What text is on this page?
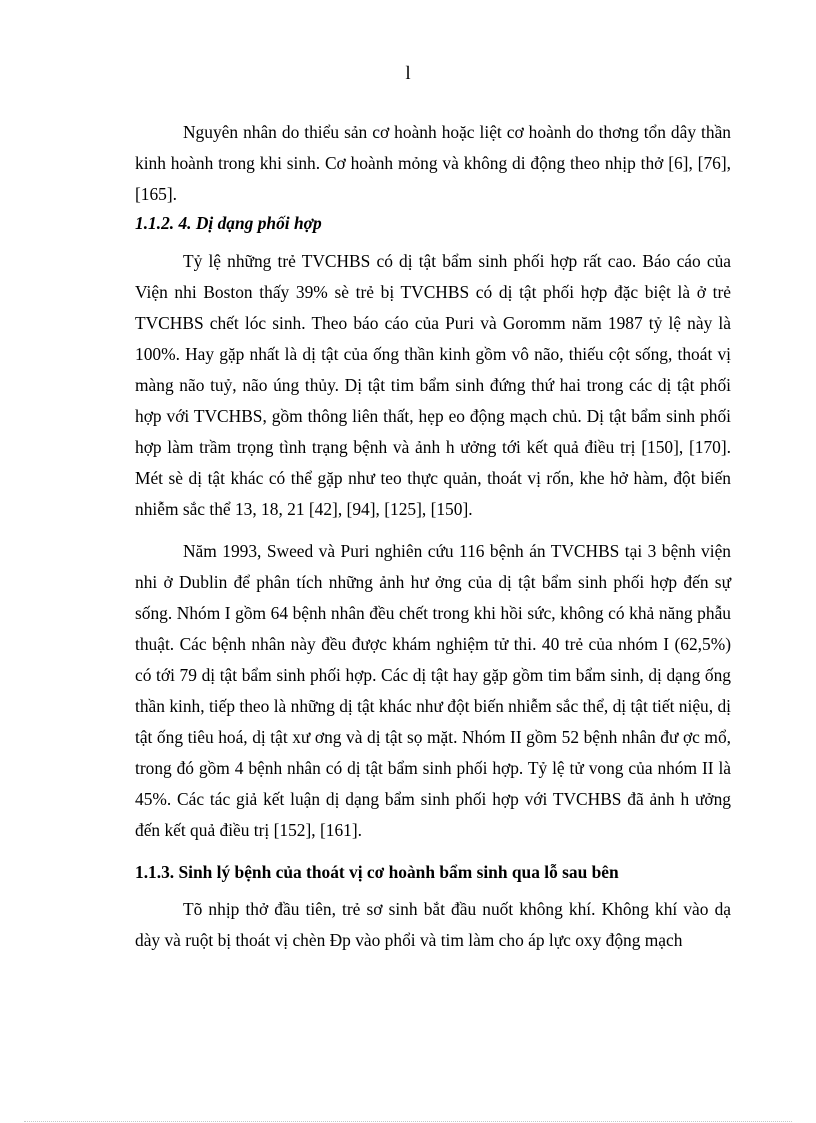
l

Nguyên nhân do thiểu sản cơ hoành hoặc liệt cơ hoành do thơng tổn dây thần kinh hoành trong khi sinh. Cơ hoành mỏng và không di động theo nhịp thở [6], [76], [165].

1.1.2. 4. Dị dạng phối hợp

Tỷ lệ những trẻ TVCHBS có dị tật bẩm sinh phối hợp rất cao. Báo cáo của Viện nhi Boston thấy 39% sè trẻ bị TVCHBS có dị tật phối hợp đặc biệt là ở trẻ TVCHBS chết lóc sinh. Theo báo cáo của Puri và Goromm năm 1987 tỷ lệ này là 100%. Hay gặp nhất là dị tật của ống thần kinh gồm vô não, thiếu cột sống, thoát vị màng não tuỷ, não úng thủy. Dị tật tim bẩm sinh đứng thứ hai trong các dị tật phối hợp với TVCHBS, gồm thông liên thất, hẹp eo động mạch chủ. Dị tật bẩm sinh phối hợp làm trầm trọng tình trạng bệnh và ảnh h ưởng tới kết quả điều trị [150], [170]. Mét sè dị tật khác có thể gặp như teo thực quản, thoát vị rốn, khe hở hàm, đột biến nhiễm sắc thể 13, 18, 21 [42], [94], [125], [150].

Năm 1993, Sweed và Puri nghiên cứu 116 bệnh án TVCHBS tại 3 bệnh viện nhi ở Dublin để phân tích những ảnh hư ởng của dị tật bẩm sinh phối hợp đến sự sống. Nhóm I gồm 64 bệnh nhân đều chết trong khi hồi sức, không có khả năng phẫu thuật. Các bệnh nhân này đều được khám nghiệm tử thi. 40 trẻ của nhóm I (62,5%) có tới 79 dị tật bẩm sinh phối hợp. Các dị tật hay gặp gồm tim bẩm sinh, dị dạng ống thần kinh, tiếp theo là những dị tật khác như đột biến nhiễm sắc thể, dị tật tiết niệu, dị tật ống tiêu hoá, dị tật xư ơng và dị tật sọ mặt. Nhóm II gồm 52 bệnh nhân đư ợc mổ, trong đó gồm 4 bệnh nhân có dị tật bẩm sinh phối hợp. Tỷ lệ tử vong của nhóm II là 45%. Các tác giả kết luận dị dạng bẩm sinh phối hợp với TVCHBS đã ảnh h ưởng đến kết quả điều trị [152], [161].

1.1.3. Sinh lý bệnh của thoát vị cơ hoành bẩm sinh qua lỗ sau bên

Tõ nhịp thở đầu tiên, trẻ sơ sinh bắt đầu nuốt không khí. Không khí vào dạ dày và ruột bị thoát vị chèn Đp vào phổi và tim làm cho áp lực oxy động mạch
